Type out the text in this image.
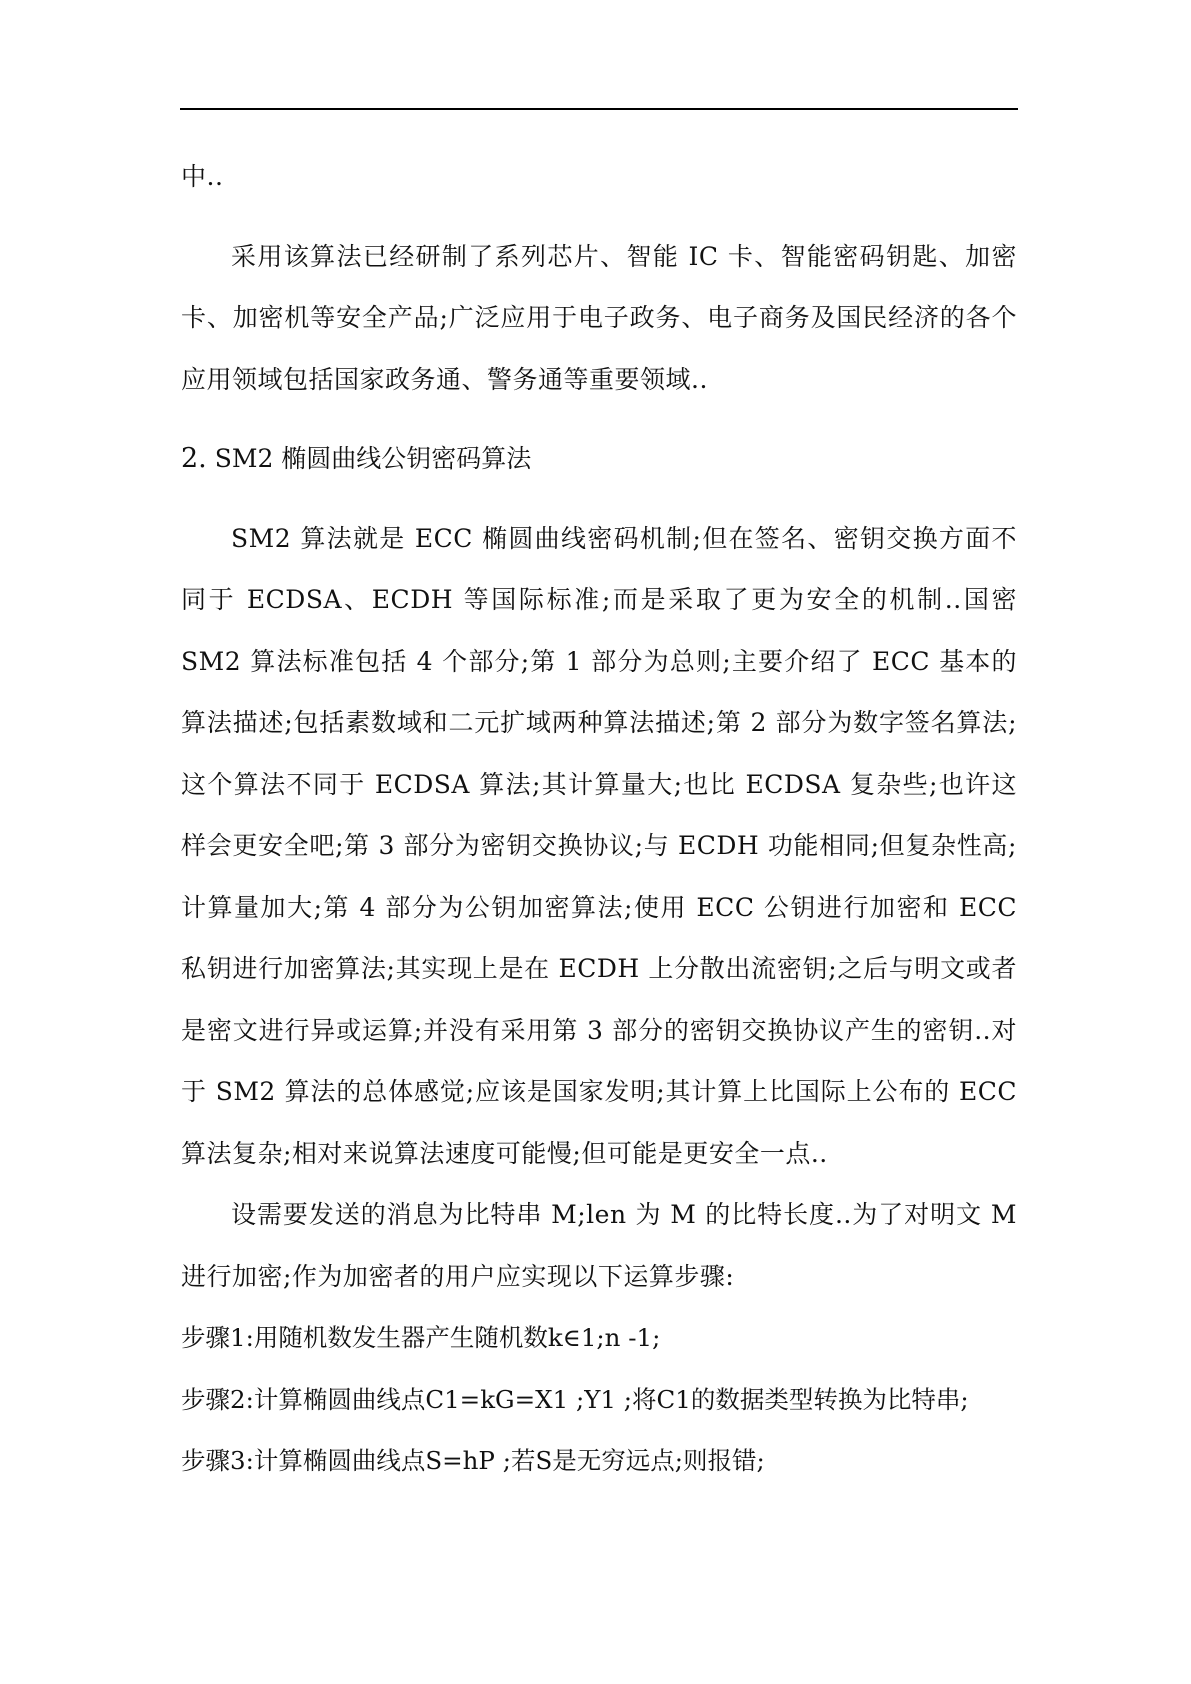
中..

采用该算法已经研制了系列芯片、智能 IC 卡、智能密码钥匙、加密卡、加密机等安全产品;广泛应用于电子政务、电子商务及国民经济的各个应用领域包括国家政务通、警务通等重要领域..

2. SM2 椭圆曲线公钥密码算法

SM2 算法就是 ECC 椭圆曲线密码机制;但在签名、密钥交换方面不同于 ECDSA、ECDH 等国际标准;而是采取了更为安全的机制..国密 SM2 算法标准包括 4 个部分;第 1 部分为总则;主要介绍了 ECC 基本的算法描述;包括素数域和二元扩域两种算法描述;第 2 部分为数字签名算法;这个算法不同于 ECDSA 算法;其计算量大;也比 ECDSA 复杂些;也许这样会更安全吧;第 3 部分为密钥交换协议;与 ECDH 功能相同;但复杂性高;计算量加大;第 4 部分为公钥加密算法;使用 ECC 公钥进行加密和 ECC 私钥进行加密算法;其实现上是在 ECDH 上分散出流密钥;之后与明文或者是密文进行异或运算;并没有采用第 3 部分的密钥交换协议产生的密钥..对于 SM2 算法的总体感觉;应该是国家发明;其计算上比国际上公布的 ECC 算法复杂;相对来说算法速度可能慢;但可能是更安全一点..

设需要发送的消息为比特串 M;len 为 M 的比特长度..为了对明文 M 进行加密;作为加密者的用户应实现以下运算步骤:

步骤1:用随机数发生器产生随机数k∈1;n -1;
步骤2:计算椭圆曲线点C1=kG=X1 ;Y1 ;将C1的数据类型转换为比特串;
步骤3:计算椭圆曲线点S=hP ;若S是无穷远点;则报错;
